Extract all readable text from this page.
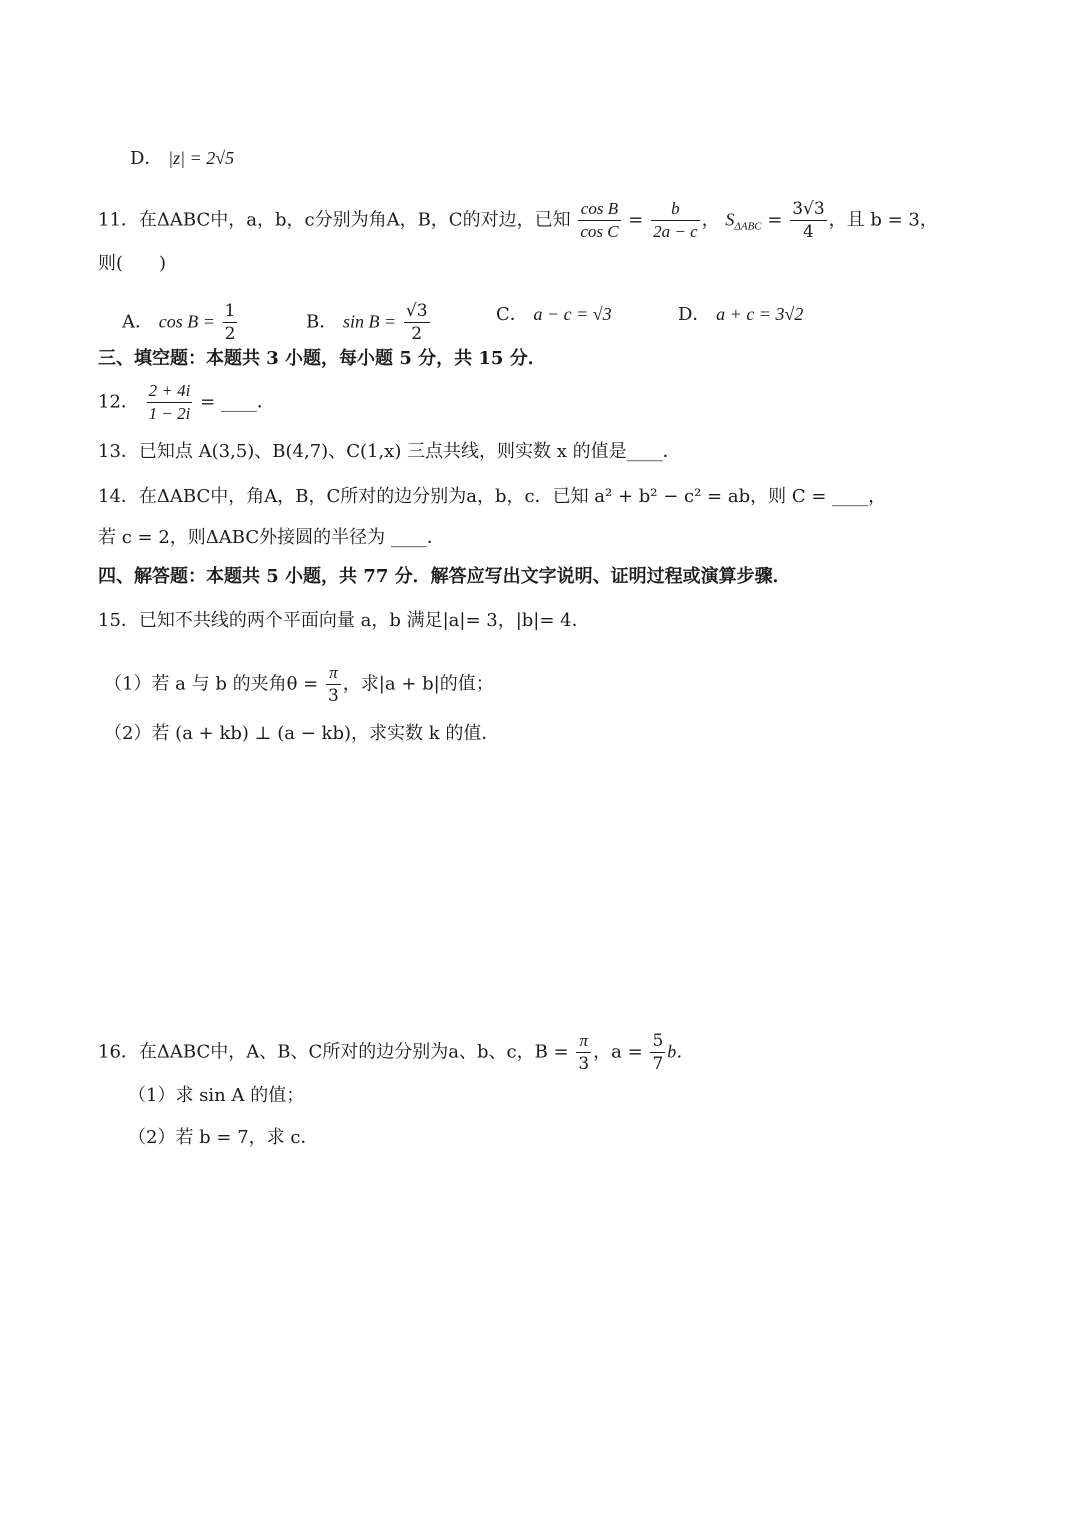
D． |z| = 2√5
11．在ΔABC中，a，b，c分别为角A，B，C的对边，已知 $\frac{\text{cos B}}{\text{cos C}} = \frac{b}{2a - c}$ ， $S_{\Delta ABC} = \frac{3√3}{4}$ ，且 b = 3，
则(　　)
A． $\cos B = \frac{1}{2}$	B． $\sin B = \frac{√3}{2}$	C． a − c = √3	D． a + c = 3√2
三、填空题：本题共 3 小题，每小题 5 分，共 15 分．
12． $\frac{2 + 4i}{1 - 2i}$ = ____．
13．已知点 A(3,5)、B(4,7)、C(1,x) 三点共线，则实数 x 的值是____．
14．在ΔABC中，角A，B，C所对的边分别为a，b，c．已知 a² + b² − c² = ab，则 C = ____，
若 c = 2，则ΔABC外接圆的半径为 ____．
四、解答题：本题共 5 小题，共 77 分．解答应写出文字说明、证明过程或演算步骤．
15．已知不共线的两个平面向量 a，b 满足|a|= 3，|b|= 4．
（1）若 a 与 b 的夹角$\theta = \frac{\pi}{3}$ ，求|a + b|的值；
（2）若 (a + kb) ⊥ (a − kb)，求实数 k 的值．
16．在ΔABC中，A、B、C所对的边分别为a、b、c，$B = \frac{\pi}{3}$ ，$a = \frac{5}{7}$ b．
（1）求 sin A 的值；
（2）若 b = 7，求 c．
